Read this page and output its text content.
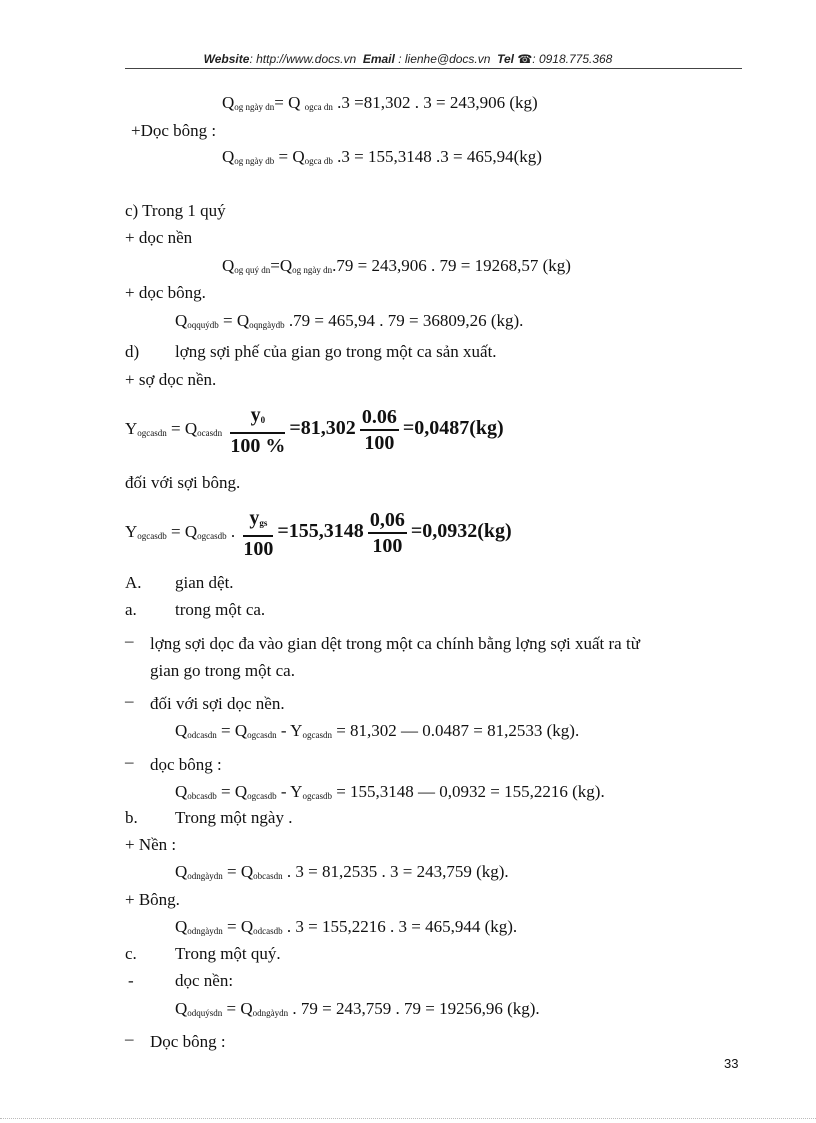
Website: http://www.docs.vn Email : lienhe@docs.vn Tel ☎: 0918.775.368
$Q_{og ngày dn}= Q$ $_{ogca dn}$ .3 =81,302 . 3 = 243,906 (kg)
+Dọc bông :
$Q_{og ngày db} = Q_{ogca db}$ .3 = 155,3148 .3 = 465,94(kg)
c) Trong 1 quý
+ dọc nền
$Q_{og quý dn}=Q_{og ngày dn}.79 = 243,906$ . 79 = 19268,57 (kg)
+ dọc bông.
$Q_{oqquýdb} = Q_{oqngàydb}$ .79 = 465,94 . 79 = 36809,26 (kg).
d) lợng sợi phế của gian go trong một ca sản xuất.
+ sợ dọc nền.
$Y_{ogcasdn} = Q_{ocasdn} \frac{y_0}{100 \%} =81,302 \frac{0.06}{100} =0,0487(kg)$
đối với sợi bông.
$Y_{ogcasdb} = Q_{ogcasdb}$ . $\frac{y_{gs}}{100} =155,3148 \frac{0,06}{100} =0,0932(kg)$
A. gian dệt.
a. trong một ca.
– lợng sợi dọc đa vào gian dệt trong một ca chính bằng lợng sợi xuất ra từ
gian go trong một ca.
– đối với sợi dọc nền.
$Q_{odcasdn} = Q_{ogcasdn} - Y_{ogcasdn} = 81,302$ — 0.0487 = 81,2533 (kg).
– dọc bông :
$Q_{obcasdb} = Q_{ogcasdb} - Y_{ogcasdb} = 155,3148$ — 0,0932 = 155,2216 (kg).
b. Trong một ngày .
+ Nền :
$Q_{odngàydn} = Q_{obcasdn}$ . 3 = 81,2535 . 3 = 243,759 (kg).
+ Bông.
$Q_{odngàydn} = Q_{odcasdb}$ . 3 = 155,2216 . 3 = 465,944 (kg).
c. Trong một quý.
- dọc nền:
$Q_{odquýsdn} = Q_{odngàydn}$ . 79 = 243,759 . 79 = 19256,96 (kg).
– Dọc bông :
33
